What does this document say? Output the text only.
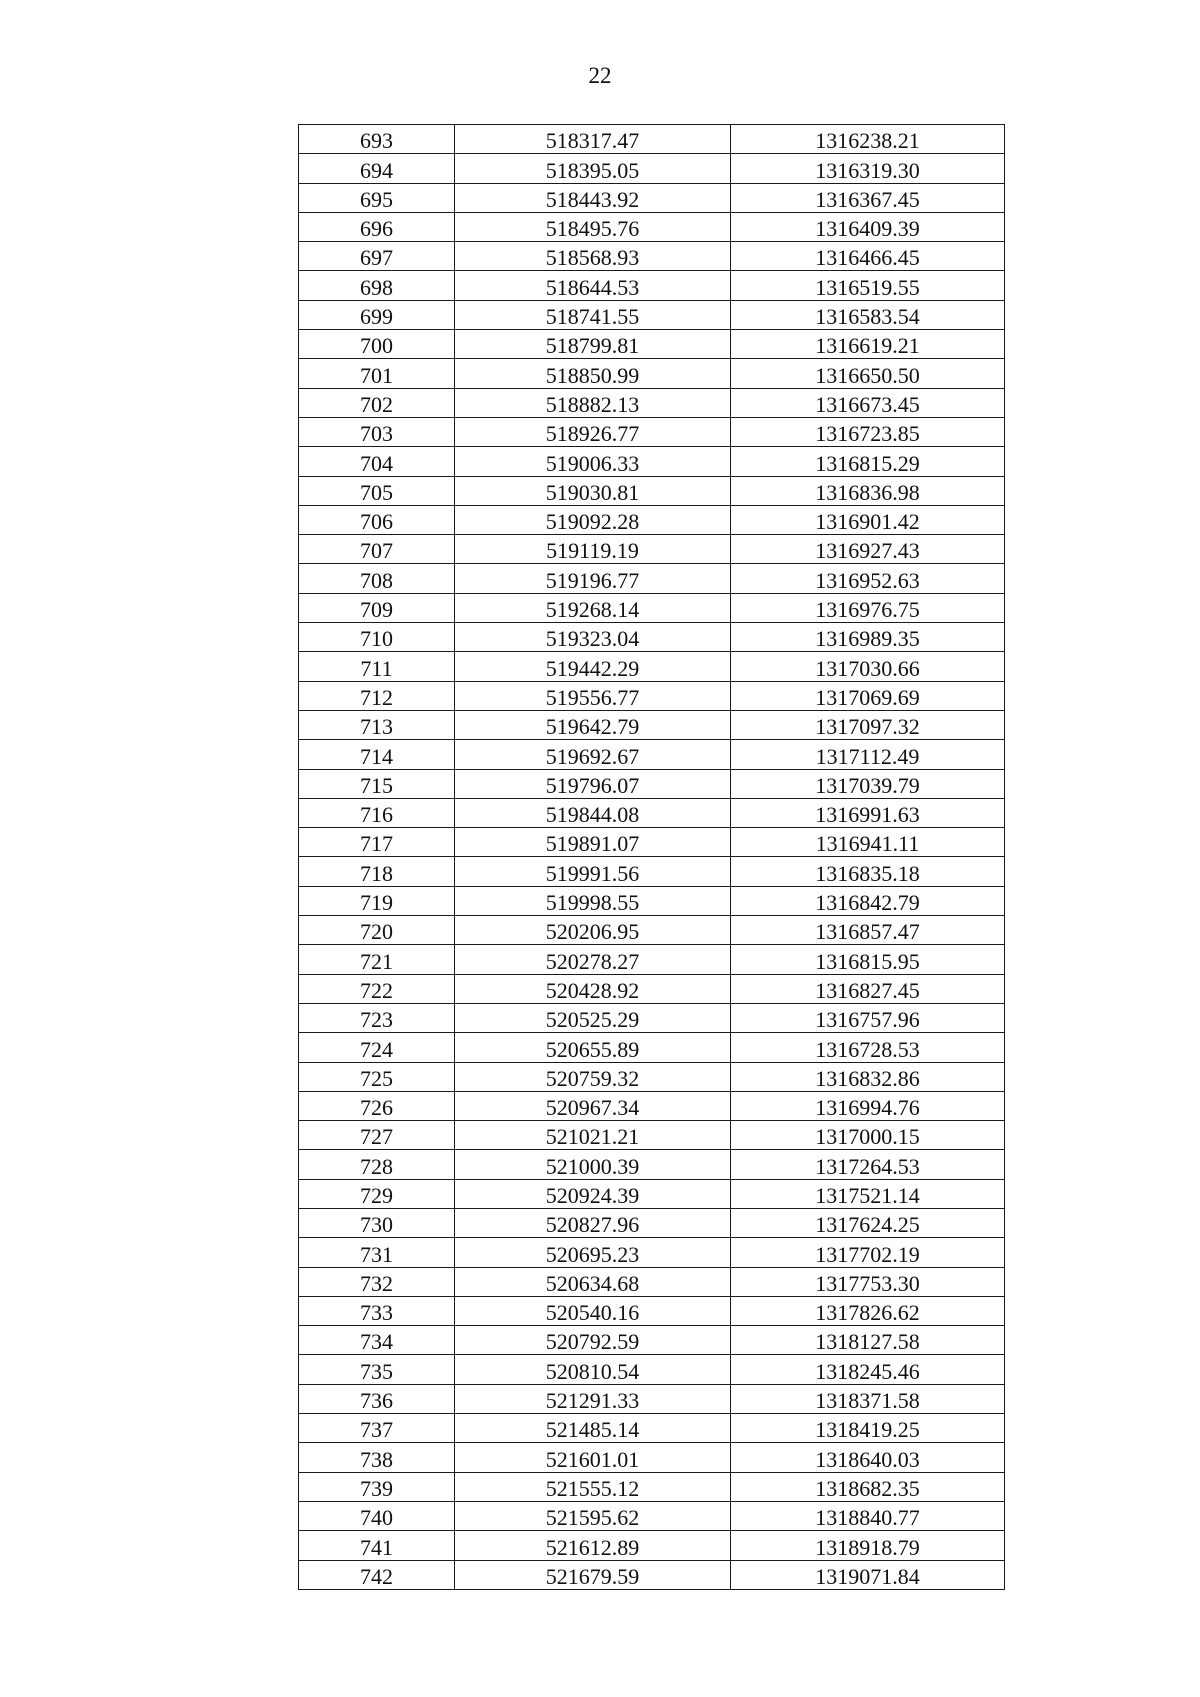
22
693	518317.47	1316238.21
694	518395.05	1316319.30
695	518443.92	1316367.45
696	518495.76	1316409.39
697	518568.93	1316466.45
698	518644.53	1316519.55
699	518741.55	1316583.54
700	518799.81	1316619.21
701	518850.99	1316650.50
702	518882.13	1316673.45
703	518926.77	1316723.85
704	519006.33	1316815.29
705	519030.81	1316836.98
706	519092.28	1316901.42
707	519119.19	1316927.43
708	519196.77	1316952.63
709	519268.14	1316976.75
710	519323.04	1316989.35
711	519442.29	1317030.66
712	519556.77	1317069.69
713	519642.79	1317097.32
714	519692.67	1317112.49
715	519796.07	1317039.79
716	519844.08	1316991.63
717	519891.07	1316941.11
718	519991.56	1316835.18
719	519998.55	1316842.79
720	520206.95	1316857.47
721	520278.27	1316815.95
722	520428.92	1316827.45
723	520525.29	1316757.96
724	520655.89	1316728.53
725	520759.32	1316832.86
726	520967.34	1316994.76
727	521021.21	1317000.15
728	521000.39	1317264.53
729	520924.39	1317521.14
730	520827.96	1317624.25
731	520695.23	1317702.19
732	520634.68	1317753.30
733	520540.16	1317826.62
734	520792.59	1318127.58
735	520810.54	1318245.46
736	521291.33	1318371.58
737	521485.14	1318419.25
738	521601.01	1318640.03
739	521555.12	1318682.35
740	521595.62	1318840.77
741	521612.89	1318918.79
742	521679.59	1319071.84
